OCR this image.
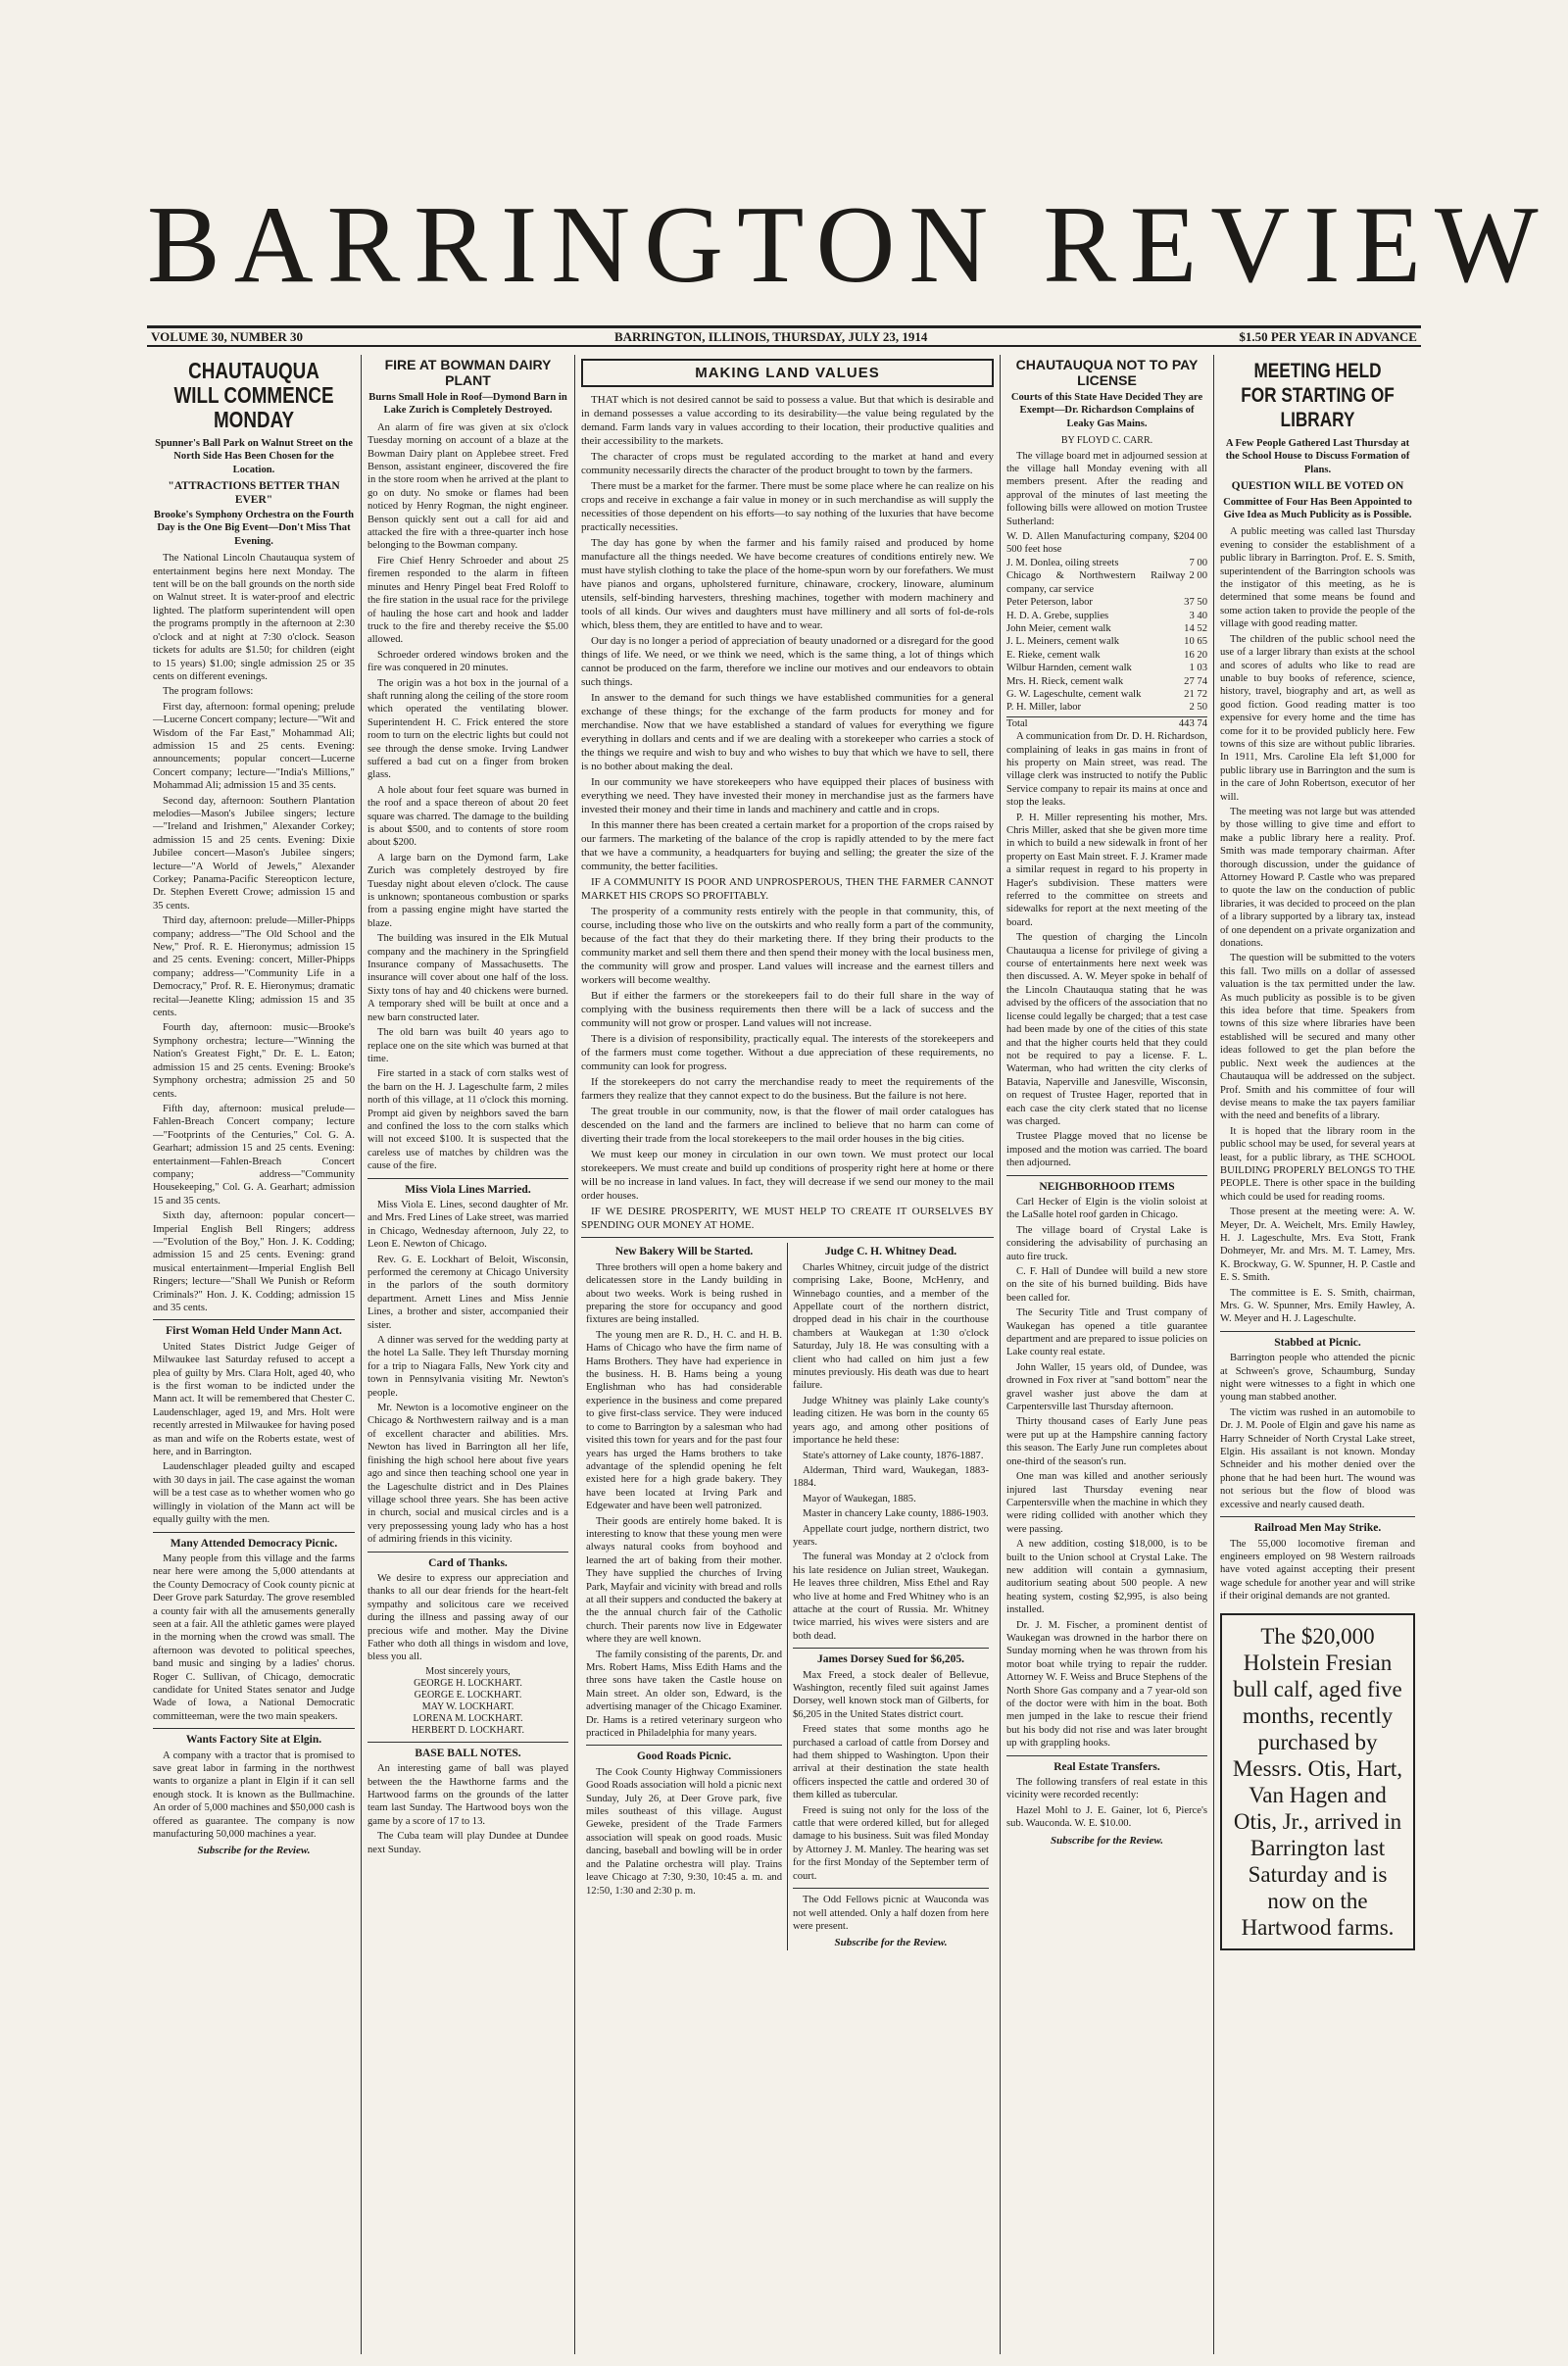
BARRINGTON REVIEW
VOLUME 30, NUMBER 30	BARRINGTON, ILLINOIS, THURSDAY, JULY 23, 1914	$1.50 PER YEAR IN ADVANCE
CHAUTAUQUA WILL COMMENCE MONDAY
Spunner's Ball Park on Walnut Street on the North Side Has Been Chosen for the Location.
"ATTRACTIONS BETTER THAN EVER"
Brooke's Symphony Orchestra on the Fourth Day is the One Big Event—Don't Miss That Evening.

The National Lincoln Chautauqua system of entertainment begins here next Monday. The tent will be on the ball grounds on the north side on Walnut street. It is water-proof and electric lighted. The platform superintendent will open the programs promptly in the afternoon at 2:30 o'clock and at night at 7:30 o'clock. Season tickets for adults are $1.50; for children (eight to 15 years) $1.00; single admission 25 or 35 cents on different evenings.

The program follows:

First day, afternoon: formal opening; prelude—Lucerne Concert company; lecture—"Wit and Wisdom of the Far East," Mohammad Ali; admission 15 and 25 cents. Evening: announcements; popular concert—Lucerne Concert company; lecture—"India's Millions," Mohammad Ali; admission 15 and 35 cents.

Second day, afternoon: Southern Plantation melodies—Mason's Jubilee singers; lecture—"Ireland and Irishmen," Alexander Corkey; admission 15 and 25 cents. Evening: Dixie Jubilee concert—Mason's Jubilee singers; lecture—"A World of Jewels," Alexander Corkey; Panama-Pacific Stereopticon lecture, Dr. Stephen Everett Crowe; admission 15 and 35 cents.

Third day, afternoon: prelude—Miller-Phipps company; address—"The Old School and the New," Prof. R. E. Hieronymus; admission 15 and 25 cents. Evening: concert, Miller-Phipps company; address—"Community Life in a Democracy," Prof. R. E. Hieronymus; dramatic recital—Jeanette Kling; admission 15 and 35 cents.

Fourth day, afternoon: music—Brooke's Symphony orchestra; lecture—"Winning the Nation's Greatest Fight," Dr. E. L. Eaton; admission 15 and 25 cents. Evening: Brooke's Symphony orchestra; admission 25 and 50 cents.

Fifth day, afternoon: musical prelude—Fahlen-Breach Concert company; lecture—"Footprints of the Centuries," Col. G. A. Gearhart; admission 15 and 25 cents. Evening: entertainment—Fahlen-Breach Concert company; address—"Community Housekeeping," Col. G. A. Gearhart; admission 15 and 35 cents.

Sixth day, afternoon: popular concert—Imperial English Bell Ringers; address—"Evolution of the Boy," Hon. J. K. Codding; admission 15 and 25 cents. Evening: grand musical entertainment—Imperial English Bell Ringers; lecture—"Shall We Punish or Reform Criminals?" Hon. J. K. Codding; admission 15 and 35 cents.

First Woman Held Under Mann Act.

United States District Judge Geiger of Milwaukee last Saturday refused to accept a plea of guilty by Mrs. Clara Holt, aged 40, who is the first woman to be indicted under the Mann act. It will be remembered that Chester C. Laudenschlager, aged 19, and Mrs. Holt were recently arrested in Milwaukee for having posed as man and wife on the Roberts estate, west of here, and in Barrington.

Laudenschlager pleaded guilty and escaped with 30 days in jail. The case against the woman will be a test case as to whether women who go willingly in violation of the Mann act will be equally guilty with the men.

Many Attended Democracy Picnic.

Many people from this village and the farms near here were among the 5,000 attendants at the County Democracy of Cook county picnic at Deer Grove park Saturday. The grove resembled a county fair with all the amusements generally seen at a fair. All the athletic games were played in the morning when the crowd was small. The afternoon was devoted to political speeches, band music and singing by a ladies' chorus. Roger C. Sullivan, of Chicago, democratic candidate for United States senator and Judge Wade of Iowa, a National Democratic committeeman, were the two main speakers.

Wants Factory Site at Elgin.

A company with a tractor that is promised to save great labor in farming in the northwest wants to organize a plant in Elgin if it can sell enough stock. It is known as the Bullmachine. An order of 5,000 machines and $50,000 cash is offered as guarantee. The company is now manufacturing 50,000 machines a year.

Subscribe for the Review.
FIRE AT BOWMAN DAIRY PLANT
Burns Small Hole in Roof—Dymond Barn in Lake Zurich is Completely Destroyed.

An alarm of fire was given at six o'clock Tuesday morning on account of a blaze at the Bowman Dairy plant on Applebee street. Fred Benson, assistant engineer, discovered the fire in the store room when he arrived at the plant to go on duty. No smoke or flames had been noticed by Henry Rogman, the night engineer. Benson quickly sent out a call for aid and attacked the fire with a three-quarter inch hose belonging to the Bowman company.

Fire Chief Henry Schroeder and about 25 firemen responded to the alarm in fifteen minutes and Henry Pingel beat Fred Roloff to the fire station in the usual race for the privilege of hauling the hose cart and hook and ladder truck to the fire and thereby receive the $5.00 allowed.

Schroeder ordered windows broken and the fire was conquered in 20 minutes.

The origin was a hot box in the journal of a shaft running along the ceiling of the store room which operated the ventilating blower. Superintendent H. C. Frick entered the store room to turn on the electric lights but could not see through the dense smoke. Irving Landwer suffered a bad cut on a finger from broken glass.

A hole about four feet square was burned in the roof and a space thereon of about 20 feet square was charred. The damage to the building is about $500, and to contents of store room about $200.

A large barn on the Dymond farm, Lake Zurich was completely destroyed by fire Tuesday night about eleven o'clock. The cause is unknown; spontaneous combustion or sparks from a passing engine might have started the blaze.

The building was insured in the Elk Mutual company and the machinery in the Springfield Insurance company of Massachusetts. The insurance will cover about one half of the loss. Sixty tons of hay and 40 chickens were burned. A temporary shed will be built at once and a new barn constructed later.

The old barn was built 40 years ago to replace one on the site which was burned at that time.

Fire started in a stack of corn stalks west of the barn on the H. J. Lageschulte farm, 2 miles north of this village, at 11 o'clock this morning. Prompt aid given by neighbors saved the barn and confined the loss to the corn stalks which will not exceed $100. It is suspected that the careless use of matches by children was the cause of the fire.

Miss Viola Lines Married.

Miss Viola E. Lines, second daughter of Mr. and Mrs. Fred Lines of Lake street, was married in Chicago, Wednesday afternoon, July 22, to Leon E. Newton of Chicago.

Rev. G. E. Lockhart of Beloit, Wisconsin, performed the ceremony at Chicago University in the parlors of the south dormitory department. Arnett Lines and Miss Jennie Lines, a brother and sister, accompanied their sister.

A dinner was served for the wedding party at the hotel La Salle. They left Thursday morning for a trip to Niagara Falls, New York city and town in Pennsylvania visiting Mr. Newton's people.

Mr. Newton is a locomotive engineer on the Chicago & Northwestern railway and is a man of excellent character and abilities. Mrs. Newton has lived in Barrington all her life, finishing the high school here about five years ago and since then teaching school one year in the Lageschulte district and in Des Plaines village school three years. She has been active in church, social and musical circles and is a very prepossessing young lady who has a host of admiring friends in this vicinity.

Card of Thanks.

We desire to express our appreciation and thanks to all our dear friends for the heart-felt sympathy and solicitous care we received during the illness and passing away of our precious wife and mother. May the Divine Father who doth all things in wisdom and love, bless you all.

Most sincerely yours,
GEORGE H. LOCKHART.
GEORGE E. LOCKHART.
MAY W. LOCKHART.
LORENA M. LOCKHART.
HERBERT D. LOCKHART.
BASE BALL NOTES.

An interesting game of ball was played between the the Hawthorne farms and the Hartwood farms on the grounds of the latter team last Sunday. The Hartwood boys won the game by a score of 17 to 13.

The Cuba team will play Dundee at Dundee next Sunday.

MAKING LAND VALUES

THAT which is not desired cannot be said to possess a value. But that which is desirable and in demand possesses a value according to its desirability—the value being regulated by the demand. Farm lands vary in values according to their location, their productive qualities and their accessibility to the markets.

The character of crops must be regulated according to the market at hand and every community necessarily directs the character of the product brought to town by the farmers.

There must be a market for the farmer. There must be some place where he can realize on his crops and receive in exchange a fair value in money or in such merchandise as will supply the necessities of those dependent on his efforts—to say nothing of the luxuries that have become practically necessities.

The day has gone by when the farmer and his family raised and produced by home manufacture all the things needed. We have become creatures of conditions entirely new. We must have stylish clothing to take the place of the home-spun worn by our forefathers. We must have pianos and organs, upholstered furniture, chinaware, crockery, linoware, aluminum utensils, self-binding harvesters, threshing machines, together with modern machinery and tools of all kinds. Our wives and daughters must have millinery and all sorts of fol-de-rols which, bless them, they are entitled to have and to wear.

Our day is no longer a period of appreciation of beauty unadorned or a disregard for the good things of life. We need, or we think we need, which is the same thing, a lot of things which cannot be produced on the farm, therefore we incline our motives and our endeavors to obtain such things.

In answer to the demand for such things we have established communities for a general exchange of these things; for the exchange of the farm products for money and for merchandise. Now that we have established a standard of values for everything we figure everything in dollars and cents and if we are dealing with a storekeeper who carries a stock of the things we require and wish to buy and who wishes to buy that which we have to sell, there is no bother about making the deal.

In our community we have storekeepers who have equipped their places of business with everything we need. They have invested their money in merchandise just as the farmers have invested their money and their time in lands and machinery and cattle and in crops.

In this manner there has been created a certain market for a proportion of the crops raised by our farmers. The marketing of the balance of the crop is rapidly attended to by the mere fact that we have a community, a headquarters for buying and selling; the greater the size of the community, the better facilities.

IF A COMMUNITY IS POOR AND UNPROSPEROUS, THEN THE FARMER CANNOT MARKET HIS CROPS SO PROFITABLY.

The prosperity of a community rests entirely with the people in that community, this, of course, including those who live on the outskirts and who really form a part of the community, because of the fact that they do their marketing there. If they bring their products to the community market and sell them there and then spend their money with the local business men, the community will grow and prosper. Land values will increase and the earnest tillers and workers will become wealthy.

But if either the farmers or the storekeepers fail to do their full share in the way of complying with the business requirements then there will be a lack of success and the community will not grow or prosper. Land values will not increase.

There is a division of responsibility, practically equal. The interests of the storekeepers and of the farmers must come together. Without a due appreciation of these requirements, no community can look for progress.

If the storekeepers do not carry the merchandise ready to meet the requirements of the farmers they realize that they cannot expect to do the business. But the failure is not here.

The great trouble in our community, now, is that the flower of mail order catalogues has descended on the land and the farmers are inclined to believe that no harm can come of diverting their trade from the local storekeepers to the mail order houses in the big cities.

We must keep our money in circulation in our own town. We must protect our local storekeepers. We must create and build up conditions of prosperity right here at home or there will be no increase in land values. In fact, they will decrease if we send our money to the mail order houses.

IF WE DESIRE PROSPERITY, WE MUST HELP TO CREATE IT OURSELVES BY SPENDING OUR MONEY AT HOME.

New Bakery Will be Started.

Three brothers will open a home bakery and delicatessen store in the Landy building in about two weeks. Work is being rushed in preparing the store for occupancy and good fixtures are being installed.

The young men are R. D., H. C. and H. B. Hams of Chicago who have the firm name of Hams Brothers. They have had experience in the business. H. B. Hams being a young Englishman who has had considerable experience in the business and come prepared to give first-class service. They were induced to come to Barrington by a salesman who had visited this town for years and for the past four years has urged the Hams brothers to take advantage of the splendid opening he felt existed here for a high grade bakery. They have been located at Irving Park and Edgewater and have been well patronized.

Their goods are entirely home baked. It is interesting to know that these young men were always natural cooks from boyhood and learned the art of baking from their mother. They have supplied the churches of Irving Park, Mayfair and vicinity with bread and rolls at all their suppers and conducted the bakery at the the annual church fair of the Catholic church. Their parents now live in Edgewater where they are well known.

The family consisting of the parents, Dr. and Mrs. Robert Hams, Miss Edith Hams and the three sons have taken the Castle house on Main street. An older son, Edward, is the advertising manager of the Chicago Examiner. Dr. Hams is a retired veterinary surgeon who practiced in Philadelphia for many years.

Good Roads Picnic.

The Cook County Highway Commissioners Good Roads association will hold a picnic next Sunday, July 26, at Deer Grove park, five miles southeast of this village. August Geweke, president of the Trade Farmers association will speak on good roads. Music dancing, baseball and bowling will be in order and the Palatine orchestra will play. Trains leave Chicago at 7:30, 9:30, 10:45 a. m. and 12:50, 1:30 and 2:30 p. m.

Judge C. H. Whitney Dead.

Charles Whitney, circuit judge of the district comprising Lake, Boone, McHenry, and Winnebago counties, and a member of the Appellate court of the northern district, dropped dead in his chair in the courthouse chambers at Waukegan at 1:30 o'clock Saturday, July 18. He was consulting with a client who had called on him just a few minutes previously. His death was due to heart failure.

Judge Whitney was plainly Lake county's leading citizen. He was born in the county 65 years ago, and among other positions of importance he held these:

State's attorney of Lake county, 1876-1887.

Alderman, Third ward, Waukegan, 1883-1884.

Mayor of Waukegan, 1885.

Master in chancery Lake county, 1886-1903.

Appellate court judge, northern district, two years.

The funeral was Monday at 2 o'clock from his late residence on Julian street, Waukegan. He leaves three children, Miss Ethel and Ray who live at home and Fred Whitney who is an attache at the court of Russia. Mr. Whitney twice married, his wives were sisters and are both dead.

James Dorsey Sued for $6,205.

Max Freed, a stock dealer of Bellevue, Washington, recently filed suit against James Dorsey, well known stock man of Gilberts, for $6,205 in the United States district court.

Freed states that some months ago he purchased a carload of cattle from Dorsey and had them shipped to Washington. Upon their arrival at their destination the state health officers inspected the cattle and ordered 30 of them killed as tubercular.

Freed is suing not only for the loss of the cattle that were ordered killed, but for alleged damage to his business. Suit was filed Monday by Attorney J. M. Manley. The hearing was set for the first Monday of the September term of court.

The Odd Fellows picnic at Wauconda was not well attended. Only a half dozen from here were present.

Subscribe for the Review.
CHAUTAUQUA NOT TO PAY LICENSE
Courts of this State Have Decided They are Exempt—Dr. Richardson Complains of Leaky Gas Mains.
BY FLOYD C. CARR.

The village board met in adjourned session at the village hall Monday evening with all members present. After the reading and approval of the minutes of last meeting the following bills were allowed on motion Trustee Sutherland:

W. D. Allen Manufacturing company, 500 feet hose
$204 00
J. M. Donlea, oiling streets	7 00
Chicago & Northwestern Railway company, car service
2 00
Peter Peterson, labor	37 50
H. D. A. Grebe, supplies	3 40
John Meier, cement walk	14 52
J. L. Meiners, cement walk	10 65
E. Rieke, cement walk	16 20
Wilbur Harnden, cement walk	1 03
Mrs. H. Rieck, cement walk	27 74
G. W. Lageschulte, cement walk	21 72
P. H. Miller, labor	2 50
Total	443 74

A communication from Dr. D. H. Richardson, complaining of leaks in gas mains in front of his property on Main street, was read. The village clerk was instructed to notify the Public Service company to repair its mains at once and stop the leaks.

P. H. Miller representing his mother, Mrs. Chris Miller, asked that she be given more time in which to build a new sidewalk in front of her property on East Main street. F. J. Kramer made a similar request in regard to his property in Hager's subdivision. These matters were referred to the committee on streets and sidewalks for report at the next meeting of the board.

The question of charging the Lincoln Chautauqua a license for privilege of giving a course of entertainments here next week was then discussed. A. W. Meyer spoke in behalf of the Lincoln Chautauqua stating that he was advised by the officers of the association that no license could legally be charged; that a test case had been made by one of the cities of this state and that the higher courts held that they could not be required to pay a license. F. L. Waterman, who had written the city clerks of Batavia, Naperville and Janesville, Wisconsin, on request of Trustee Hager, reported that in each case the city clerk stated that no license was charged.

Trustee Plagge moved that no license be imposed and the motion was carried. The board then adjourned.

NEIGHBORHOOD ITEMS

Carl Hecker of Elgin is the violin soloist at the LaSalle hotel roof garden in Chicago.

The village board of Crystal Lake is considering the advisability of purchasing an auto fire truck.

C. F. Hall of Dundee will build a new store on the site of his burned building. Bids have been called for.

The Security Title and Trust company of Waukegan has opened a title guarantee department and are prepared to issue policies on Lake county real estate.

John Waller, 15 years old, of Dundee, was drowned in Fox river at "sand bottom" near the gravel washer just above the dam at Carpentersville last Thursday afternoon.

Thirty thousand cases of Early June peas were put up at the Hampshire canning factory this season. The Early June run completes about one-third of the season's run.

One man was killed and another seriously injured last Thursday evening near Carpentersville when the machine in which they were riding collided with another which they were passing.

A new addition, costing $18,000, is to be built to the Union school at Crystal Lake. The new addition will contain a gymnasium, auditorium seating about 500 people. A new heating system, costing $2,995, is also being installed.

Dr. J. M. Fischer, a prominent dentist of Waukegan was drowned in the harbor there on Sunday morning when he was thrown from his motor boat while trying to repair the rudder. Attorney W. F. Weiss and Bruce Stephens of the North Shore Gas company and a 7 year-old son of the doctor were with him in the boat. Both men jumped in the lake to rescue their friend but his body did not rise and was later brought up with grappling hooks.

Real Estate Transfers.

The following transfers of real estate in this vicinity were recorded recently:

Hazel Mohl to J. E. Gainer, lot 6, Pierce's sub. Wauconda. W. E. $10.00.

Subscribe for the Review.
MEETING HELD FOR STARTING OF LIBRARY
A Few People Gathered Last Thursday at the School House to Discuss Formation of Plans.
QUESTION WILL BE VOTED ON
Committee of Four Has Been Appointed to Give Idea as Much Publicity as is Possible.

A public meeting was called last Thursday evening to consider the establishment of a public library in Barrington. Prof. E. S. Smith, superintendent of the Barrington schools was the instigator of this meeting, as he is determined that some means be found and some action taken to provide the people of the village with good reading matter.

The children of the public school need the use of a larger library than exists at the school and scores of adults who like to read are unable to buy books of reference, science, history, travel, biography and art, as well as good fiction. Good reading matter is too expensive for every home and the time has come for it to be provided publicly here. Few towns of this size are without public libraries. In 1911, Mrs. Caroline Ela left $1,000 for public library use in Barrington and the sum is in the care of John Robertson, executor of her will.

The meeting was not large but was attended by those willing to give time and effort to make a public library here a reality. Prof. Smith was made temporary chairman. After thorough discussion, under the guidance of Attorney Howard P. Castle who was prepared to quote the law on the conduction of public libraries, it was decided to proceed on the plan of a library supported by a library tax, instead of one dependent on a private organization and donations.

The question will be submitted to the voters this fall. Two mills on a dollar of assessed valuation is the tax permitted under the law. As much publicity as possible is to be given this idea before that time. Speakers from towns of this size where libraries have been established will be secured and many other ideas followed to get the plan before the public. Next week the audiences at the Chautauqua will be addressed on the subject. Prof. Smith and his committee of four will devise means to make the tax payers familiar with the need and benefits of a library.

It is hoped that the library room in the public school may be used, for several years at least, for a public library, as THE SCHOOL BUILDING PROPERLY BELONGS TO THE PEOPLE. There is other space in the building which could be used for reading rooms.

Those present at the meeting were: A. W. Meyer, Dr. A. Weichelt, Mrs. Emily Hawley, H. J. Lageschulte, Mrs. Eva Stott, Frank Dohmeyer, Mr. and Mrs. M. T. Lamey, Mrs. K. Brockway, G. W. Spunner, H. P. Castle and E. S. Smith.

The committee is E. S. Smith, chairman, Mrs. G. W. Spunner, Mrs. Emily Hawley, A. W. Meyer and H. J. Lageschulte.

Stabbed at Picnic.

Barrington people who attended the picnic at Schween's grove, Schaumburg, Sunday night were witnesses to a fight in which one young man stabbed another.

The victim was rushed in an automobile to Dr. J. M. Poole of Elgin and gave his name as Harry Schneider of North Crystal Lake street, Elgin. His assailant is not known. Monday Schneider and his mother denied over the phone that he had been hurt. The wound was not serious but the flow of blood was excessive and nearly caused death.

Railroad Men May Strike.

The 55,000 locomotive fireman and engineers employed on 98 Western railroads have voted against accepting their present wage schedule for another year and will strike if their original demands are not granted.

The $20,000 Holstein Fresian bull calf, aged five months, recently purchased by Messrs. Otis, Hart, Van Hagen and Otis, Jr., arrived in Barrington last Saturday and is now on the Hartwood farms.
